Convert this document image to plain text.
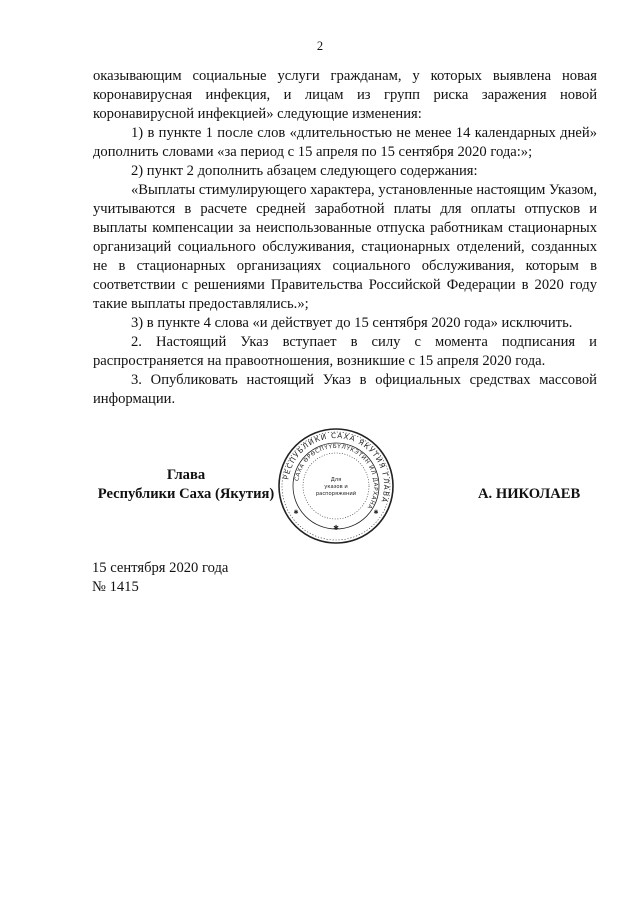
2

оказывающим социальные услуги гражданам, у которых выявлена новая коронавирусная инфекция, и лицам из групп риска заражения новой коронавирусной инфекцией» следующие изменения:

1) в пункте 1 после слов «длительностью не менее 14 календарных дней» дополнить словами «за период с 15 апреля по 15 сентября 2020 года:»;

2) пункт 2 дополнить абзацем следующего содержания:

«Выплаты стимулирующего характера, установленные настоящим Указом, учитываются в расчете средней заработной платы для оплаты отпусков и выплаты компенсации за неиспользованные отпуска работникам стационарных организаций социального обслуживания, стационарных отделений, созданных не в стационарных организациях социального обслуживания, которым в соответствии с решениями Правительства Российской Федерации в 2020 году такие выплаты предоставлялись.»;

3) в пункте 4 слова «и действует до 15 сентября 2020 года» исключить.

2. Настоящий Указ вступает в силу с момента подписания и распространяется на правоотношения, возникшие с 15 апреля 2020 года.

3. Опубликовать настоящий Указ в официальных средствах массовой информации.

Глава
Республики Саха (Якутия)
РЕСПУБЛИКИ САХА ЯКУТИЯ ГЛАВА
САХА ӨРӨСПҮҮБҮЛҮКЭТИН ИЛ ДАРХАНА
Для
указов и
распоряжений
✱
✱	✱
А. НИКОЛАЕВ
15 сентября 2020 года
№ 1415
